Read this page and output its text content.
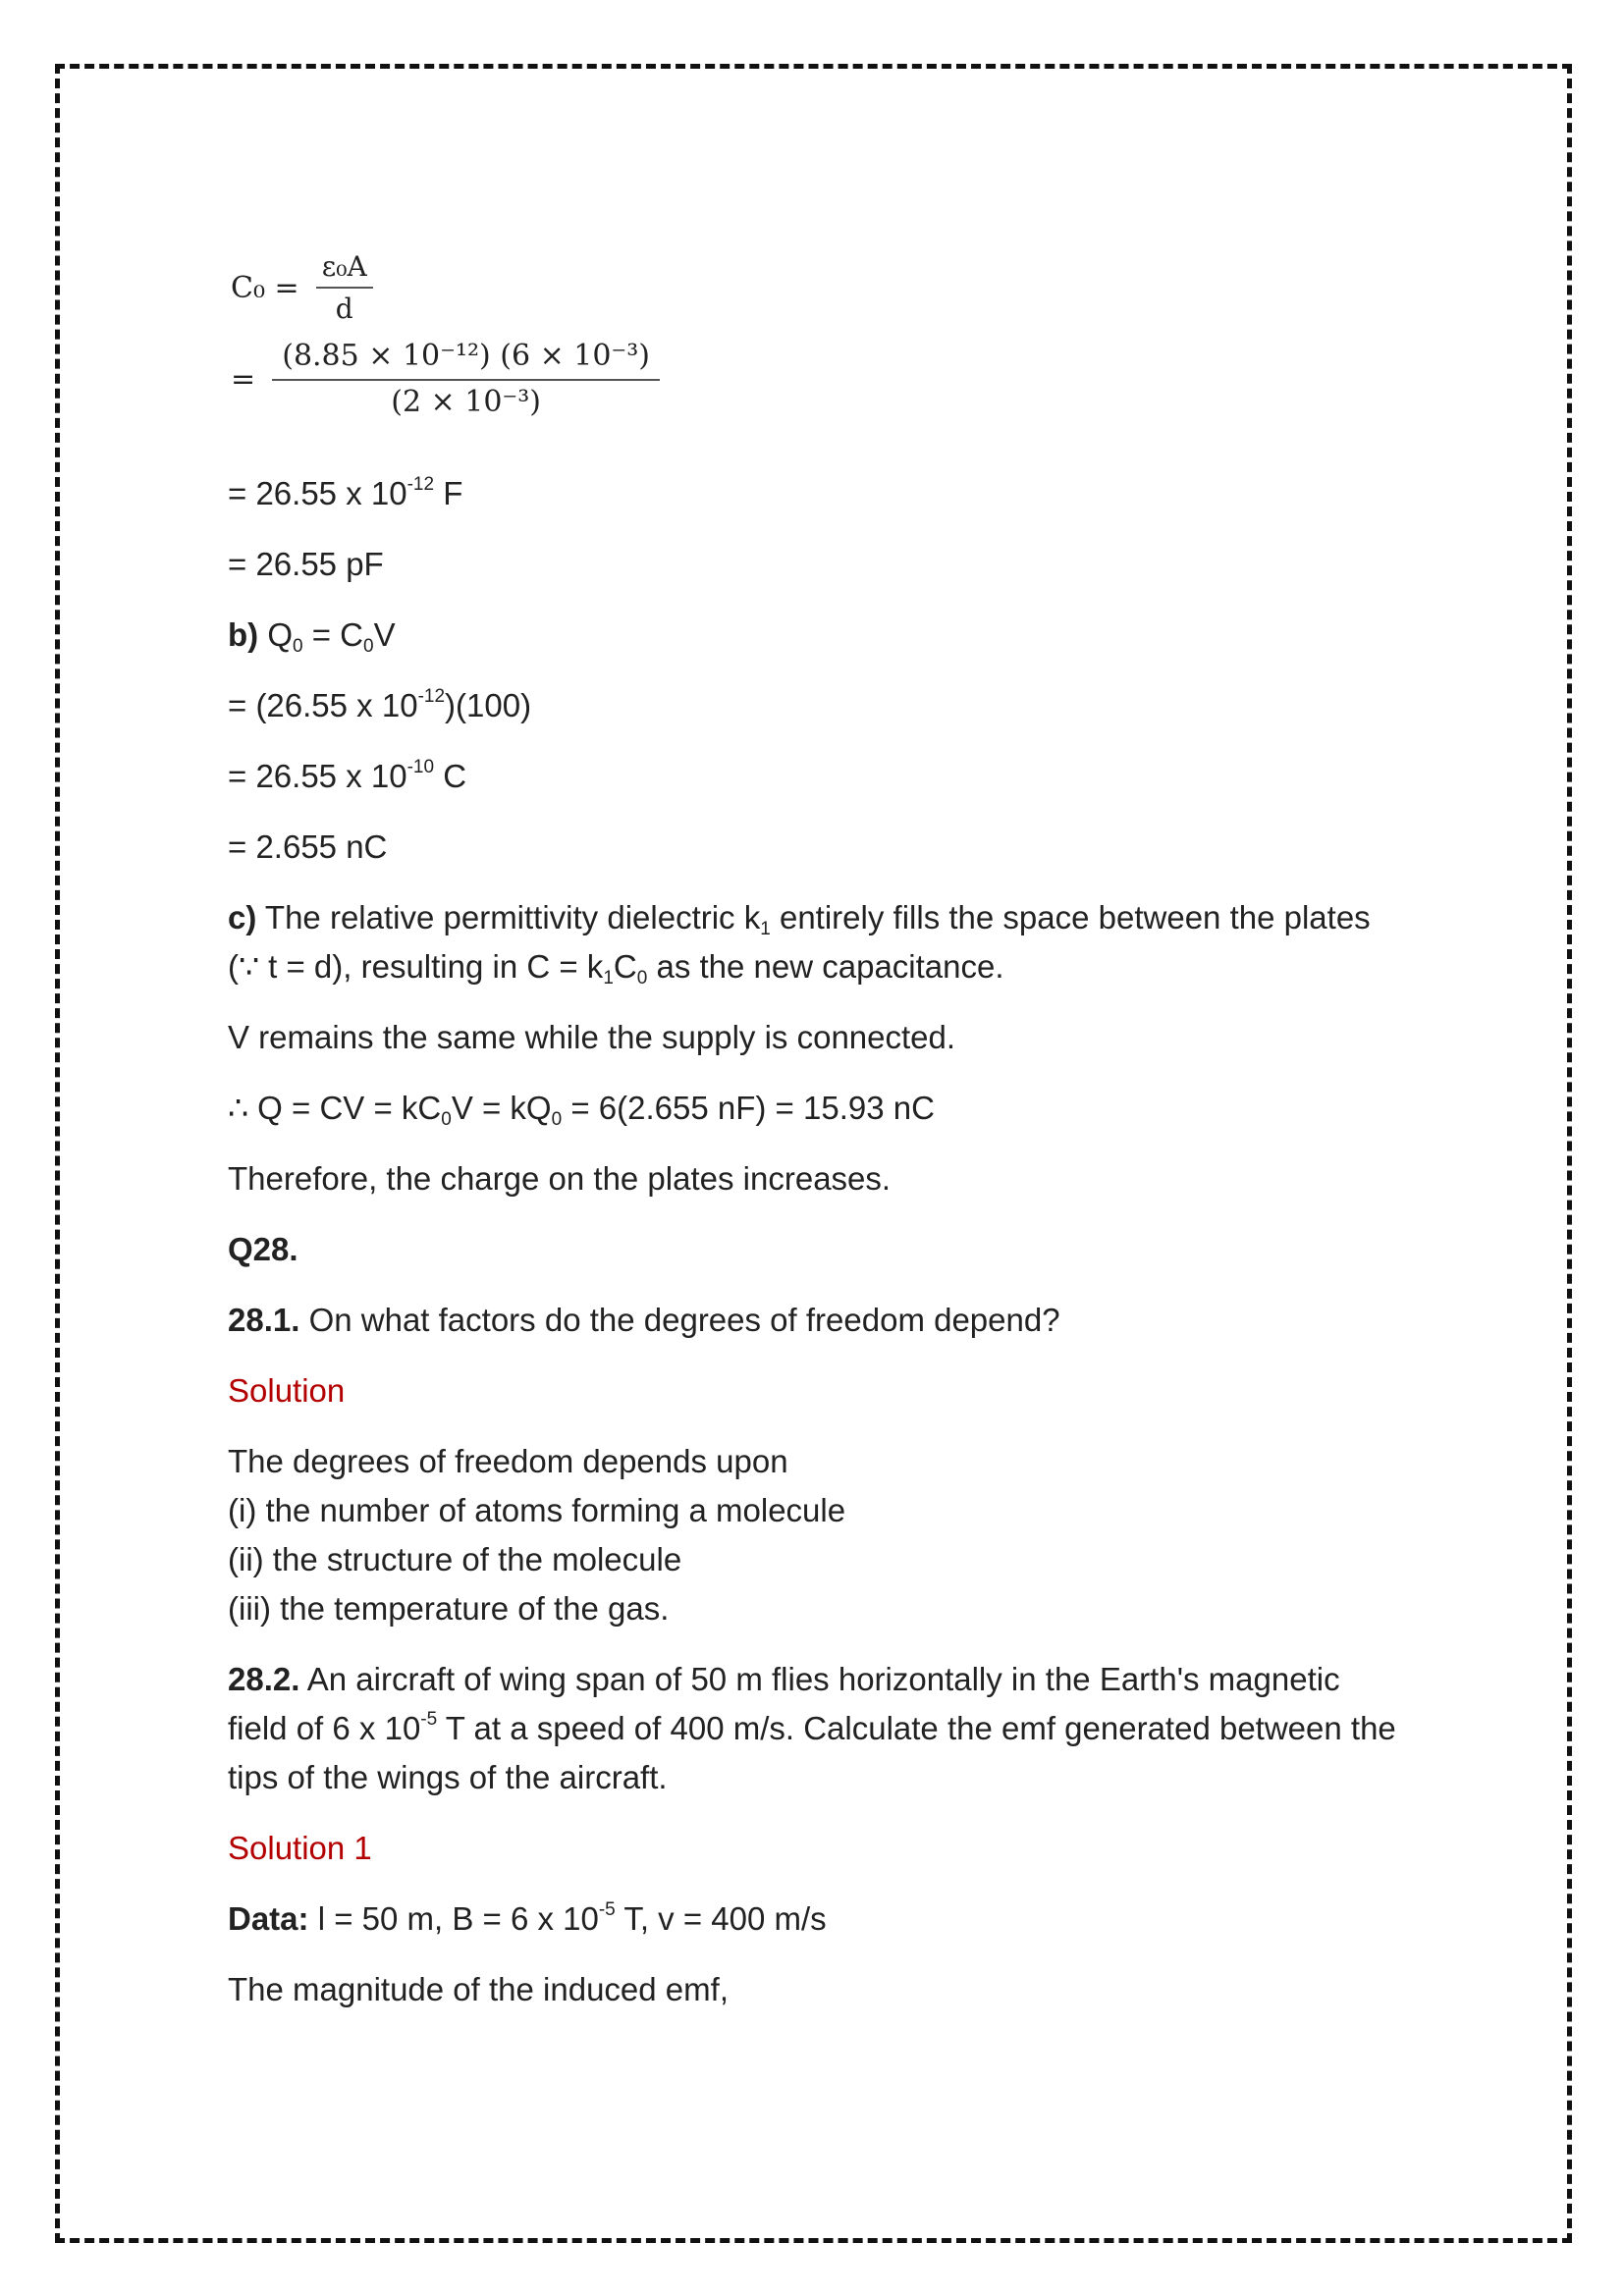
$C_0 = \frac{\text{ε₀A}}{d}$
= $\frac{\text{(8.85 × 10⁻¹²) (6 × 10⁻³)}}{\text{(2 × 10⁻³)}}$
= 26.55 x $10^{-12}$ F
= 26.55 pF
b) $Q_0 = C_0V$
= (26.55 x $10^{-12})(100)$
= 26.55 x $10^{-10}$ C
= 2.655 nC
c) The relative permittivity dielectric $k_1$ entirely fills the space between the plates (∵ t = d), resulting in $C = k_1C_0$ as the new capacitance.
V remains the same while the supply is connected.
∴ Q = CV = $kC_0V = kQ_0 = 6(2.655$ nF) = 15.93 nC
Therefore, the charge on the plates increases.
Q28.
28.1. On what factors do the degrees of freedom depend?
Solution
The degrees of freedom depends upon
(i) the number of atoms forming a molecule
(ii) the structure of the molecule
(iii) the temperature of the gas.
28.2. An aircraft of wing span of 50 m flies horizontally in the Earth's magnetic field of 6 x $10^{-5}$ T at a speed of 400 m/s. Calculate the emf generated between the tips of the wings of the aircraft.
Solution 1
Data: l = 50 m, B = 6 x $10^{-5}$ T, v = 400 m/s
The magnitude of the induced emf,
